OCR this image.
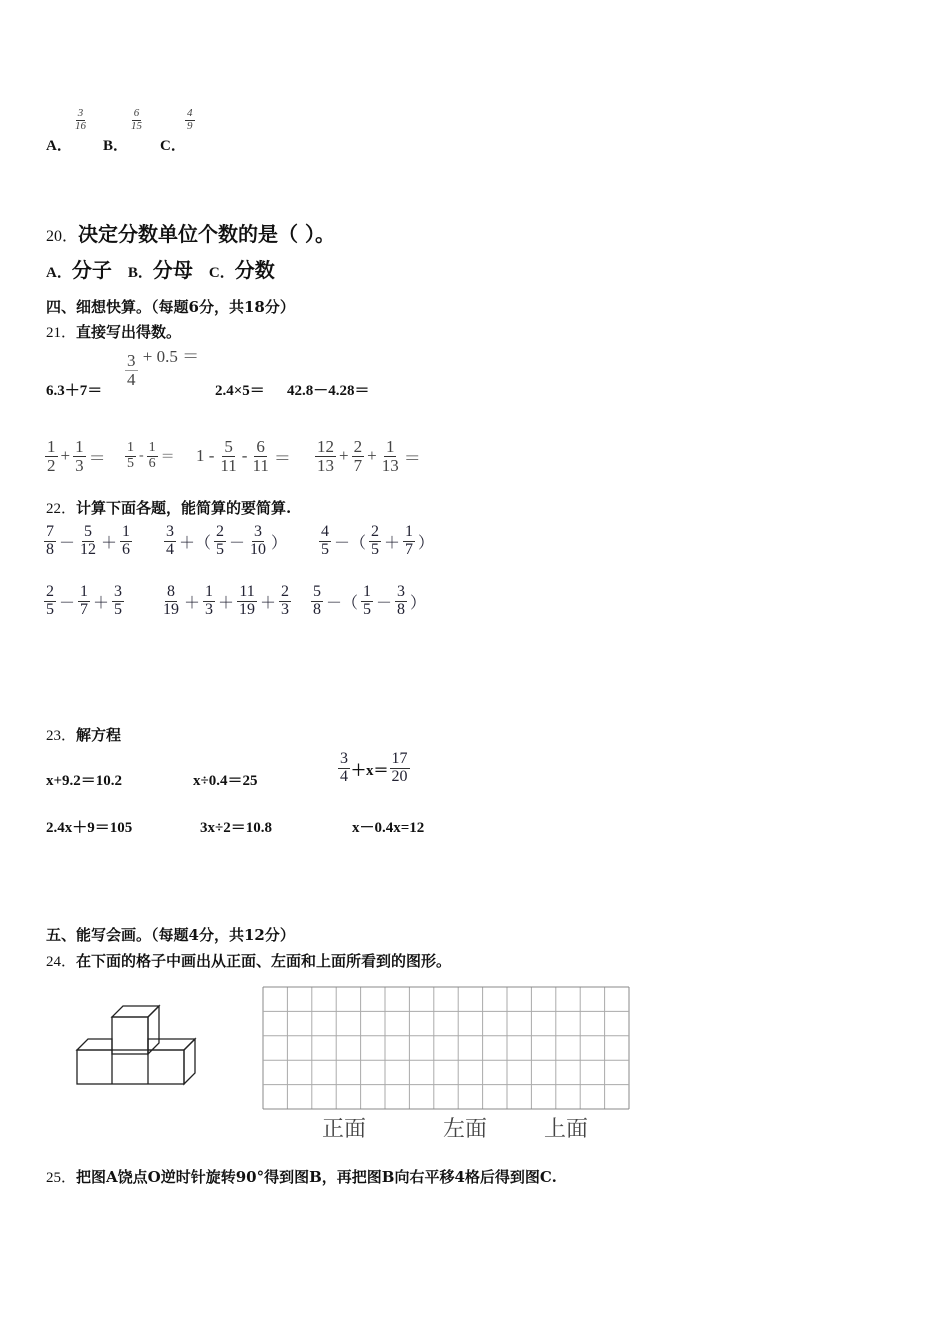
A．
$\frac{3}{16}$
B．
$\frac{6}{15}$
C．
$\frac{4}{9}$
20．决定分数单位个数的是（ ）。
A．分子 B．分母 C．分数
四、细想快算。（每题6分，共18分）
21．直接写出得数。
6.3＋7＝
$\frac{3}{4} + 0.5$ ＝
2.4×5＝ 42.8－4.28＝
$\frac{1}{2} + \frac{1}{3} = \frac{1}{5} - \frac{1}{6} = 1 - \frac{5}{11} - \frac{6}{11} = \frac{12}{13} + \frac{2}{7} + \frac{1}{13}$ ＝
22．计算下面各题，能简算的要简算.
$\frac{7}{8} - \frac{5}{12} + \frac{1}{6} \frac{3}{4}$ ＋（ $\frac{2}{5} - \frac{3}{10}$ ） $\frac{4}{5}$ －（ $\frac{2}{5} + \frac{1}{7}$ ）
$\frac{2}{5} - \frac{1}{7} + \frac{3}{5} \frac{8}{19} + \frac{1}{3} + \frac{11}{19} + \frac{2}{3} \frac{5}{8}$ －（ $\frac{1}{5} - \frac{3}{8}$ ）
23．解方程
x+9.2＝10.2	x÷0.4＝25	$\frac{3}{4} +x= \frac{17}{20}$
2.4x＋9＝105	3x÷2＝10.8	x－0.4x=12
五、能写会画。（每题4分，共12分）
24．在下面的格子中画出从正面、左面和上面所看到的图形。
正面	左面	上面
25．把图A饶点O逆时针旋转90°得到图B，再把图B向右平移4格后得到图C.
